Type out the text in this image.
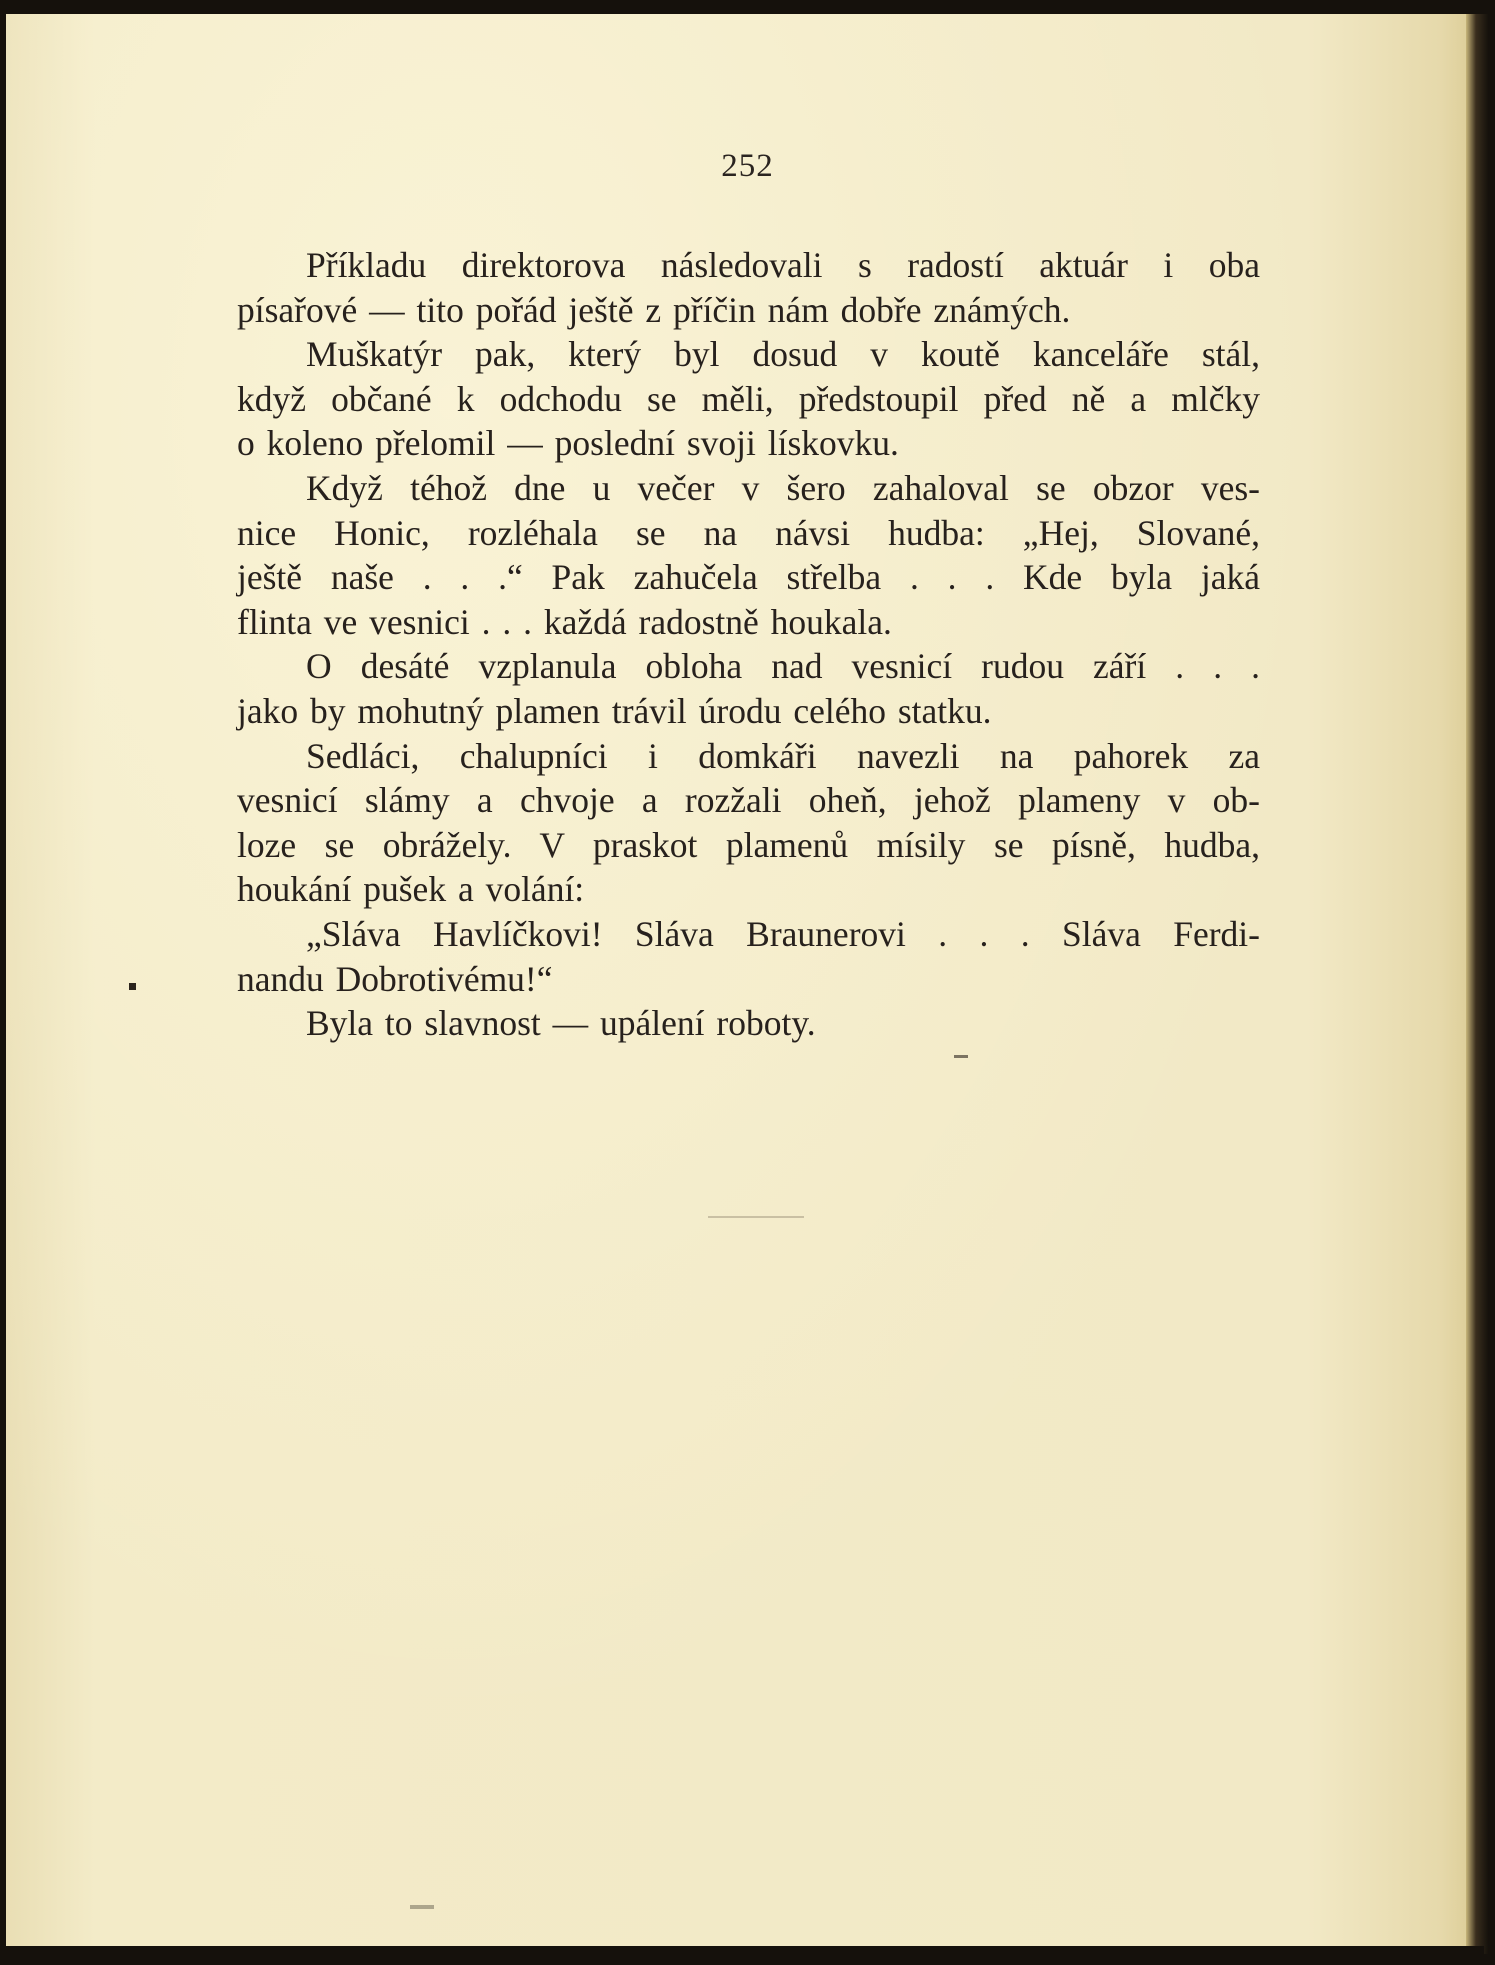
252
Příkladu direktorova následovali s radostí aktuár i oba
písařové — tito pořád ještě z příčin nám dobře známých.
Muškatýr pak, který byl dosud v koutě kanceláře stál,
když občané k odchodu se měli, předstoupil před ně a mlčky
o koleno přelomil — poslední svoji lískovku.
Když téhož dne u večer v šero zahaloval se obzor ves-
nice Honic, rozléhala se na návsi hudba: „Hej, Slované,
ještě naše . . .“ Pak zahučela střelba . . . Kde byla jaká
flinta ve vesnici . . . každá radostně houkala.
O desáté vzplanula obloha nad vesnicí rudou září . . .
jako by mohutný plamen trávil úrodu celého statku.
Sedláci, chalupníci i domkáři navezli na pahorek za
vesnicí slámy a chvoje a rozžali oheň, jehož plameny v ob-
loze se obrážely. V praskot plamenů mísily se písně, hudba,
houkání pušek a volání:
„Sláva Havlíčkovi! Sláva Braunerovi . . . Sláva Ferdi-
nandu Dobrotivému!“
Byla to slavnost — upálení roboty.
